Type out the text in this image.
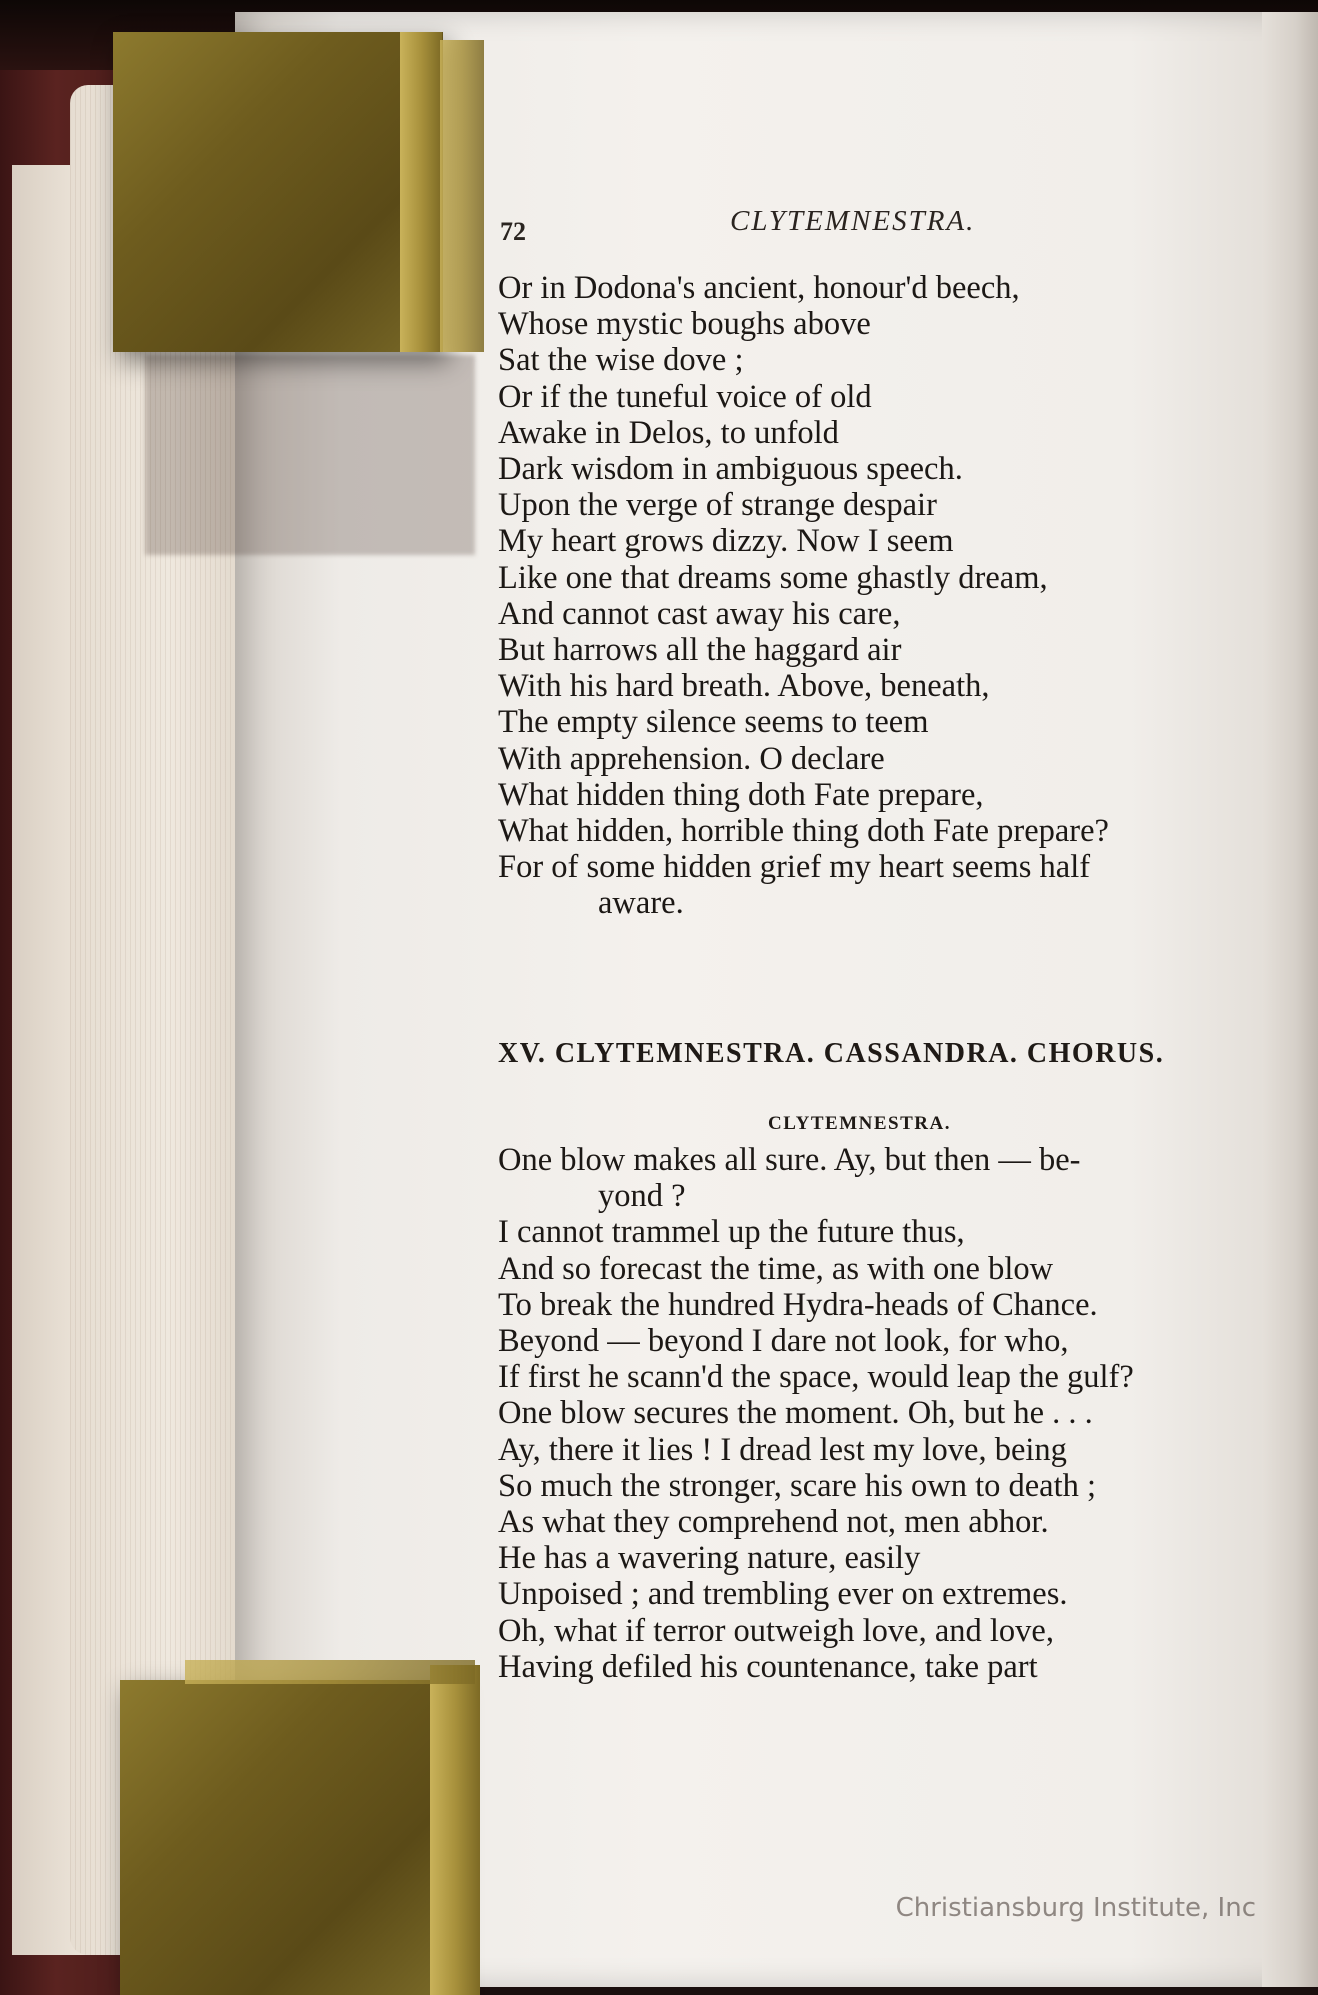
72	CLYTEMNESTRA.
Or in Dodona's ancient, honour'd beech,
Whose mystic boughs above
Sat the wise dove ;
Or if the tuneful voice of old
Awake in Delos, to unfold
Dark wisdom in ambiguous speech.
Upon the verge of strange despair
My heart grows dizzy. Now I seem
Like one that dreams some ghastly dream,
And cannot cast away his care,
But harrows all the haggard air
With his hard breath. Above, beneath,
The empty silence seems to teem
With apprehension. O declare
What hidden thing doth Fate prepare,
What hidden, horrible thing doth Fate prepare?
For of some hidden grief my heart seems half
aware.
XV. CLYTEMNESTRA. CASSANDRA. CHORUS.
CLYTEMNESTRA.
One blow makes all sure. Ay, but then — be-
yond ?
I cannot trammel up the future thus,
And so forecast the time, as with one blow
To break the hundred Hydra-heads of Chance.
Beyond — beyond I dare not look, for who,
If first he scann'd the space, would leap the gulf?
One blow secures the moment. Oh, but he . . .
Ay, there it lies ! I dread lest my love, being
So much the stronger, scare his own to death ;
As what they comprehend not, men abhor.
He has a wavering nature, easily
Unpoised ; and trembling ever on extremes.
Oh, what if terror outweigh love, and love,
Having defiled his countenance, take part
Christiansburg Institute, Inc
